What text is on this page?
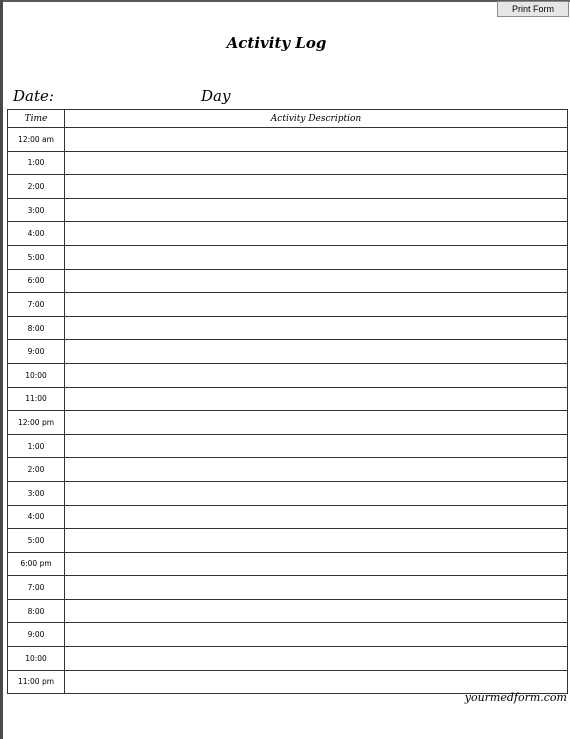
Print Form
Activity Log
Date:	Day
Time	Activity Description
12:00 am	
1:00	
2:00	
3:00	
4:00	
5:00	
6:00	
7:00	
8:00	
9:00	
10:00	
11:00	
12:00 pm	
1:00	
2:00	
3:00	
4:00	
5:00	
6:00 pm	
7:00	
8:00	
9:00	
10:00	
11:00 pm	
yourmedform.com
